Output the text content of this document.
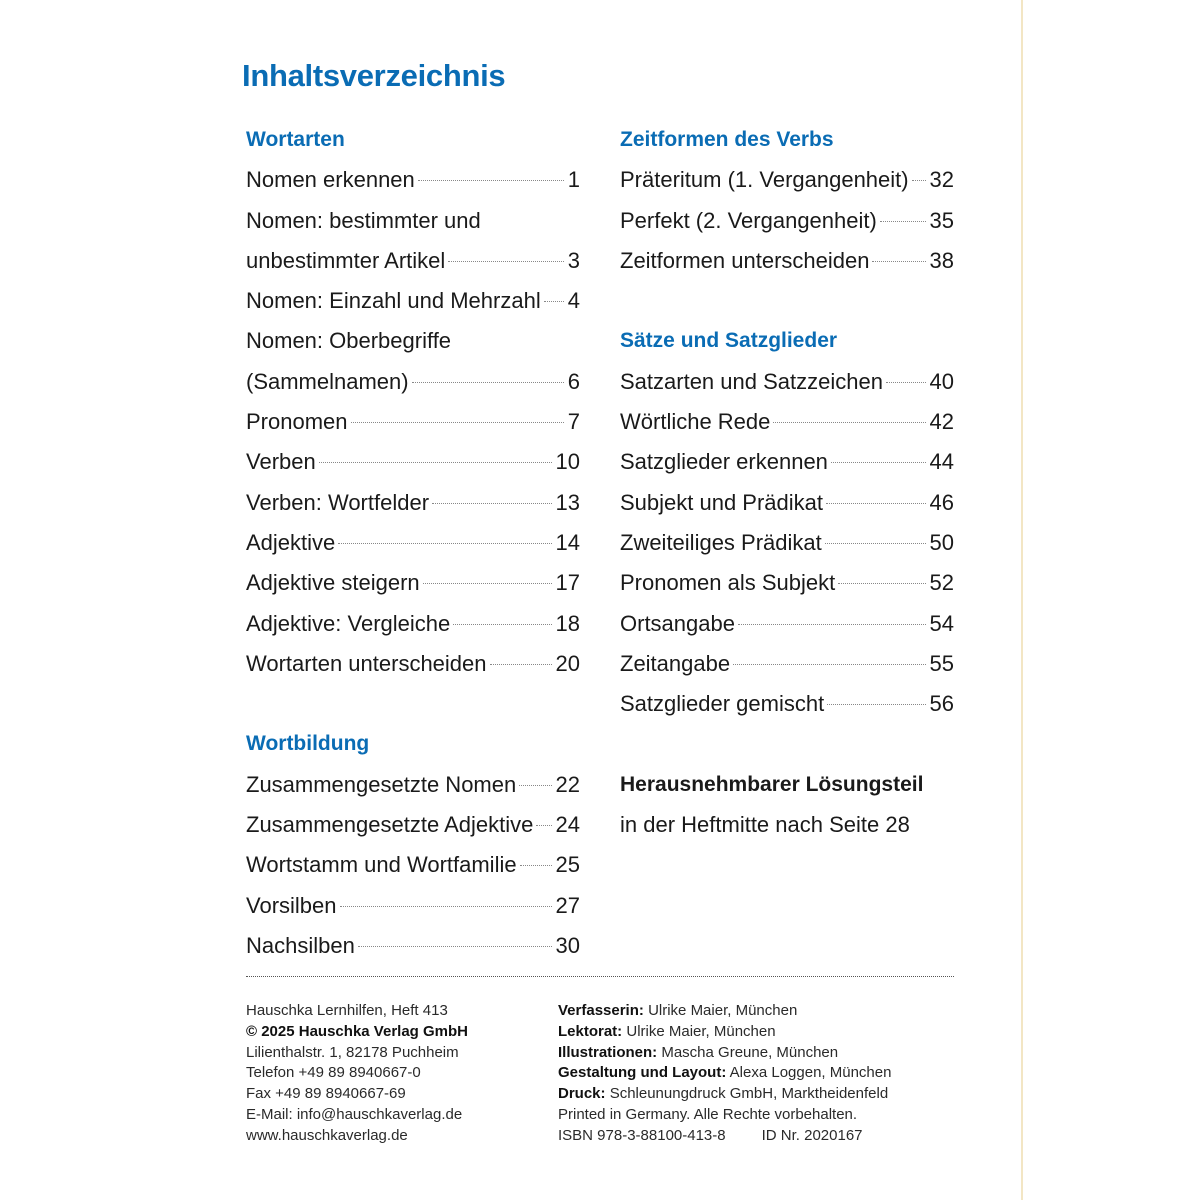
Inhaltsverzeichnis
Wortarten
Nomen erkennen	1
Nomen: bestimmter und
unbestimmter Artikel	3
Nomen: Einzahl und Mehrzahl 4
Nomen: Oberbegriffe
(Sammelnamen)	6
Pronomen	7
Verben	10
Verben: Wortfelder	13
Adjektive	14
Adjektive steigern	17
Adjektive: Vergleiche	18
Wortarten unterscheiden	20
Wortbildung
Zusammengesetzte Nomen 22
Zusammengesetzte Adjektive 24
Wortstamm und Wortfamilie 25
Vorsilben	27
Nachsilben	30
Zeitformen des Verbs
Präteritum (1. Vergangenheit) 32
Perfekt (2. Vergangenheit) 35
Zeitformen unterscheiden	38
Sätze und Satzglieder
Satzarten und Satzzeichen 40
Wörtliche Rede	42
Satzglieder erkennen	44
Subjekt und Prädikat	46
Zweiteiliges Prädikat	50
Pronomen als Subjekt	52
Ortsangabe	54
Zeitangabe	55
Satzglieder gemischt	56
Herausnehmbarer Lösungsteil
in der Heftmitte nach Seite 28
Hauschka Lernhilfen, Heft 413
© 2025 Hauschka Verlag GmbH
Lilienthalstr. 1, 82178 Puchheim
Telefon +49 89 8940667-0
Fax +49 89 8940667-69
E-Mail: info@hauschkaverlag.de
www.hauschkaverlag.de
Verfasserin: Ulrike Maier, München
Lektorat: Ulrike Maier, München
Illustrationen: Mascha Greune, München
Gestaltung und Layout: Alexa Loggen, München
Druck: Schleunungdruck GmbH, Marktheidenfeld
Printed in Germany. Alle Rechte vorbehalten.
ISBN 978-3-88100-413-8 ID Nr. 2020167
